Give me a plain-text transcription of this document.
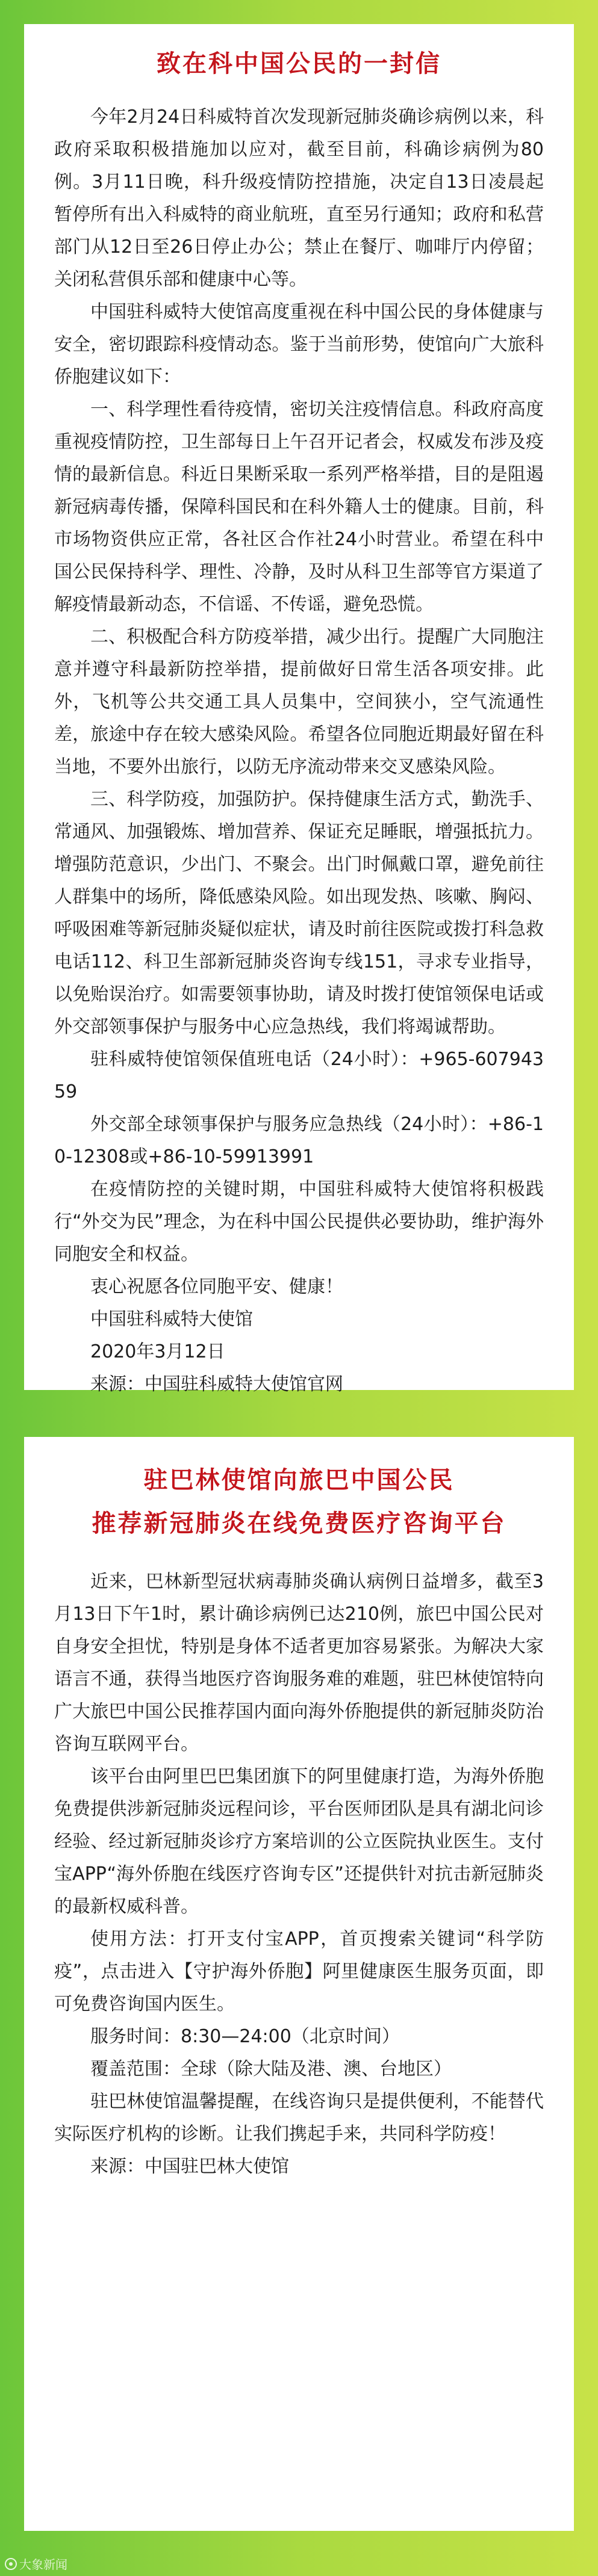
致在科中国公民的一封信

今年2月24日科威特首次发现新冠肺炎确诊病例以来，科政府采取积极措施加以应对，截至目前，科确诊病例为80例。3月11日晚，科升级疫情防控措施，决定自13日凌晨起暂停所有出入科威特的商业航班，直至另行通知；政府和私营部门从12日至26日停止办公；禁止在餐厅、咖啡厅内停留；关闭私营俱乐部和健康中心等。

中国驻科威特大使馆高度重视在科中国公民的身体健康与安全，密切跟踪科疫情动态。鉴于当前形势，使馆向广大旅科侨胞建议如下：

一、科学理性看待疫情，密切关注疫情信息。科政府高度重视疫情防控，卫生部每日上午召开记者会，权威发布涉及疫情的最新信息。科近日果断采取一系列严格举措，目的是阻遏新冠病毒传播，保障科国民和在科外籍人士的健康。目前，科市场物资供应正常，各社区合作社24小时营业。希望在科中国公民保持科学、理性、冷静，及时从科卫生部等官方渠道了解疫情最新动态，不信谣、不传谣，避免恐慌。

二、积极配合科方防疫举措，减少出行。提醒广大同胞注意并遵守科最新防控举措，提前做好日常生活各项安排。此外，飞机等公共交通工具人员集中，空间狭小，空气流通性差，旅途中存在较大感染风险。希望各位同胞近期最好留在科当地，不要外出旅行，以防无序流动带来交叉感染风险。

三、科学防疫，加强防护。保持健康生活方式，勤洗手、常通风、加强锻炼、增加营养、保证充足睡眠，增强抵抗力。增强防范意识，少出门、不聚会。出门时佩戴口罩，避免前往人群集中的场所，降低感染风险。如出现发热、咳嗽、胸闷、呼吸困难等新冠肺炎疑似症状，请及时前往医院或拨打科急救电话112、科卫生部新冠肺炎咨询专线151，寻求专业指导，以免贻误治疗。如需要领事协助，请及时拨打使馆领保电话或外交部领事保护与服务中心应急热线，我们将竭诚帮助。

驻科威特使馆领保值班电话（24小时）：+965-60794359

外交部全球领事保护与服务应急热线（24小时）：+86-10-12308或+86-10-59913991

在疫情防控的关键时期，中国驻科威特大使馆将积极践行“外交为民”理念，为在科中国公民提供必要协助，维护海外同胞安全和权益。

衷心祝愿各位同胞平安、健康！

中国驻科威特大使馆

2020年3月12日

来源：中国驻科威特大使馆官网

驻巴林使馆向旅巴中国公民
推荐新冠肺炎在线免费医疗咨询平台

近来，巴林新型冠状病毒肺炎确认病例日益增多，截至3月13日下午1时，累计确诊病例已达210例，旅巴中国公民对自身安全担忧，特别是身体不适者更加容易紧张。为解决大家语言不通，获得当地医疗咨询服务难的难题，驻巴林使馆特向广大旅巴中国公民推荐国内面向海外侨胞提供的新冠肺炎防治咨询互联网平台。

该平台由阿里巴巴集团旗下的阿里健康打造，为海外侨胞免费提供涉新冠肺炎远程问诊，平台医师团队是具有湖北问诊经验、经过新冠肺炎诊疗方案培训的公立医院执业医生。支付宝APP“海外侨胞在线医疗咨询专区”还提供针对抗击新冠肺炎的最新权威科普。

使用方法：打开支付宝APP，首页搜索关键词“科学防疫”，点击进入【守护海外侨胞】阿里健康医生服务页面，即可免费咨询国内医生。

服务时间：8:30—24:00（北京时间）

覆盖范围：全球（除大陆及港、澳、台地区）

驻巴林使馆温馨提醒，在线咨询只是提供便利，不能替代实际医疗机构的诊断。让我们携起手来，共同科学防疫！

来源：中国驻巴林大使馆

大象新闻
